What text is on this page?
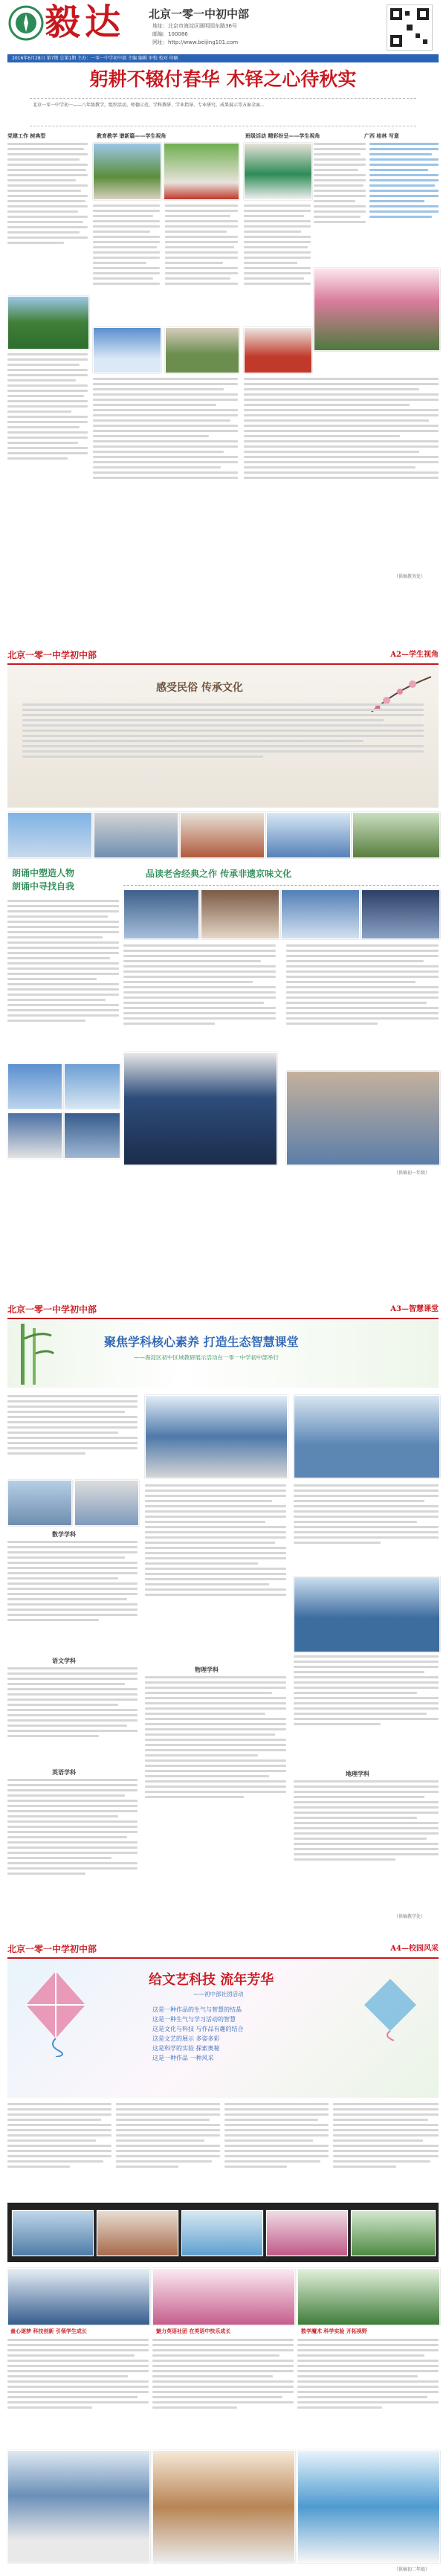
毅达 北京一零一中初中部
地址：北京市海淀区圆明园东路36号
邮编：100086
网址：http://www.beijing101.com
2016年6月28日 第7期 总第1期 主办：一零一中学初中部 主编 编辑 审校 校对 印刷
躬耕不辍付春华 木铎之心待秋实
北京一零一中学初一——八年级教学，组织活动，师德示范、学科教研、学业指导、专业研究、成果展示等方面全面...
党建工作 树典型	教育教学 谱新篇——学生视角	班级活动 精彩纷呈——学生视角	广西 桂林 写意
（供稿教务处）
北京一零一中学初中部	A2—学生视角
感受民俗 传承文化
朗诵中塑造人物
朗诵中寻找自我
品读老舍经典之作 传承非遗京味文化
（供稿初一年级）
北京一零一中学初中部	A3—智慧课堂
聚焦学科核心素养 打造生态智慧课堂
——海淀区初中区域教研展示活动在一零一中学初中部举行
数学学科
语文学科
英语学科
物理学科
地理学科
（供稿教学处）
北京一零一中学初中部	A4—校园风采
给文艺科技 流年芳华
——初中部社团活动
这是一种作品的生气与智慧的结晶
这是一种生气与学习活动的智慧
这是文化与科技 与作品有趣的结合
这是文艺的展示 多姿多彩
这是科学的实验 探索奥秘
这是一种作品 一种风采
童心逐梦 科技创新 引领学生成长	魅力英语社团 在英语中快乐成长	数学魔术 科学实验 开拓视野
（供稿初二年级）
